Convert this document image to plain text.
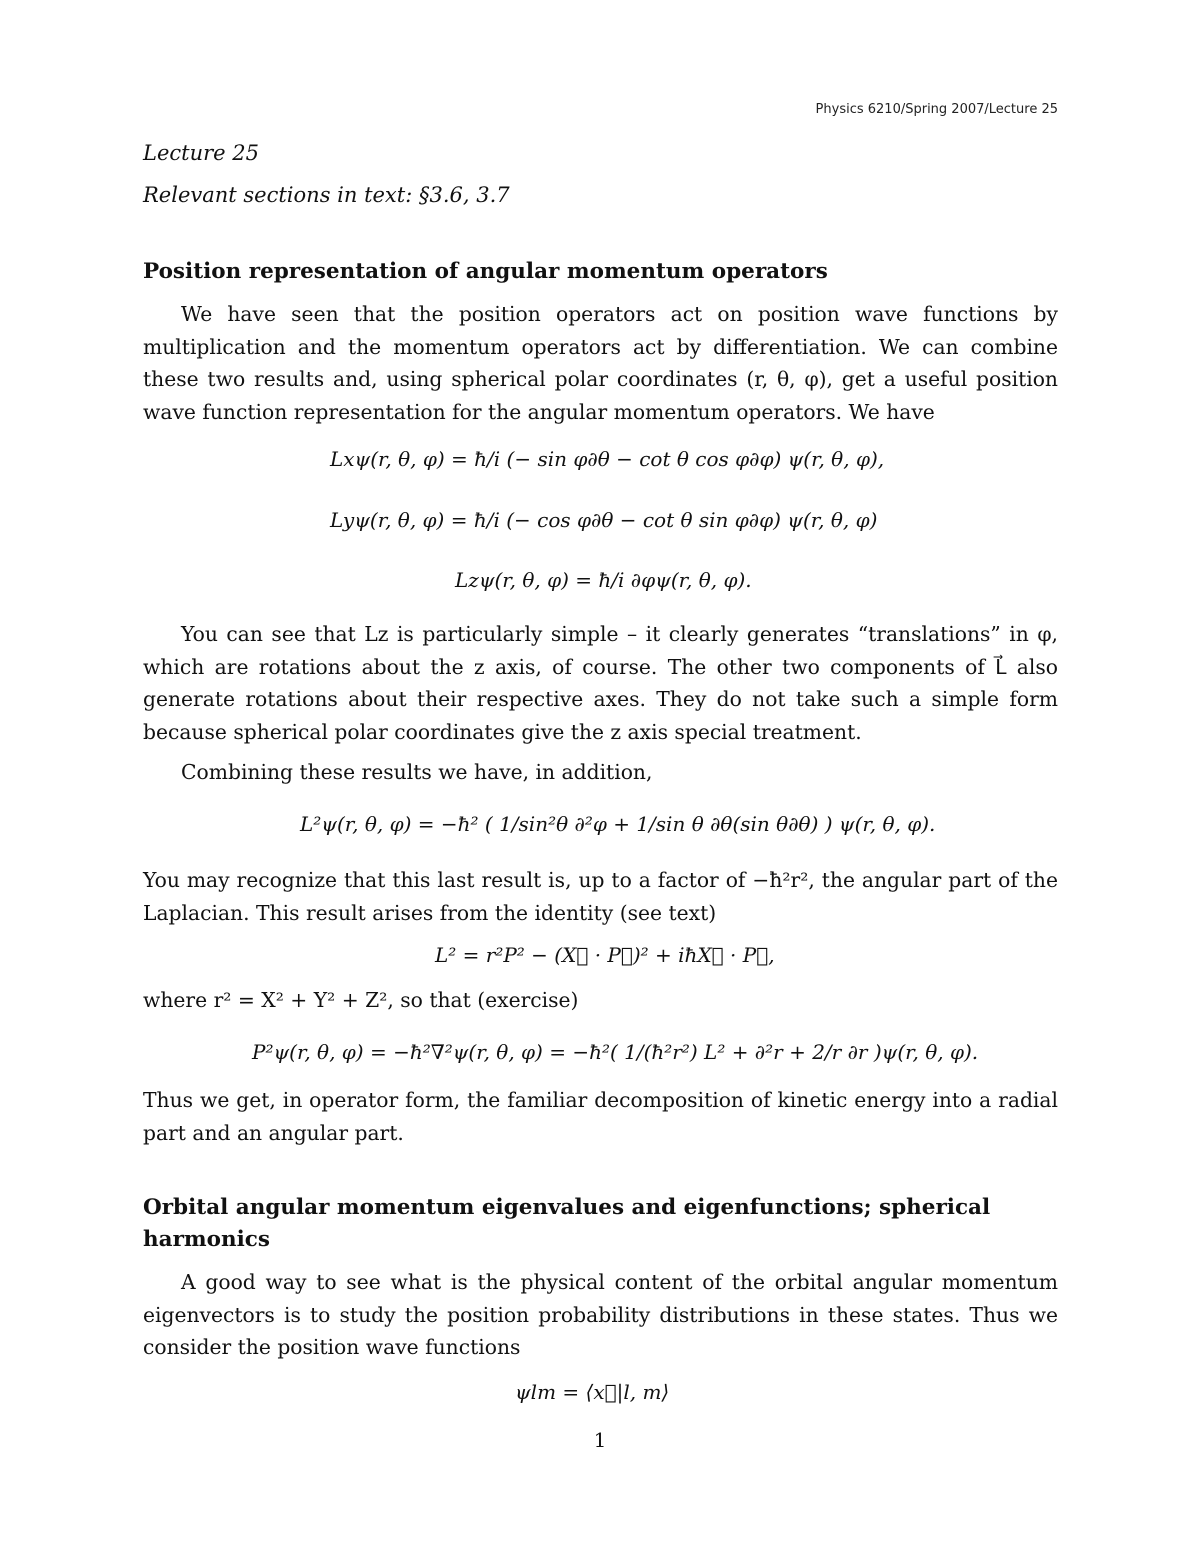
Physics 6210/Spring 2007/Lecture 25
Lecture 25
Relevant sections in text: §3.6, 3.7
Position representation of angular momentum operators
We have seen that the position operators act on position wave functions by multiplication and the momentum operators act by differentiation. We can combine these two results and, using spherical polar coordinates (r, θ, φ), get a useful position wave function representation for the angular momentum operators. We have
Lxψ(r, θ, φ) = ħ/i (− sin φ∂θ − cot θ cos φ∂φ) ψ(r, θ, φ),
Lyψ(r, θ, φ) = ħ/i (− cos φ∂θ − cot θ sin φ∂φ) ψ(r, θ, φ)
Lzψ(r, θ, φ) = ħ/i ∂φψ(r, θ, φ).
You can see that Lz is particularly simple – it clearly generates “translations” in φ, which are rotations about the z axis, of course. The other two components of L⃗ also generate rotations about their respective axes. They do not take such a simple form because spherical polar coordinates give the z axis special treatment.
Combining these results we have, in addition,
L²ψ(r, θ, φ) = −ħ² ( 1/sin²θ ∂²φ + 1/sin θ ∂θ(sin θ∂θ) ) ψ(r, θ, φ).
You may recognize that this last result is, up to a factor of −ħ²r², the angular part of the Laplacian. This result arises from the identity (see text)
L² = r²P² − (X⃗ · P⃗)² + iħX⃗ · P⃗,
where r² = X² + Y² + Z², so that (exercise)
P²ψ(r, θ, φ) = −ħ²∇²ψ(r, θ, φ) = −ħ²( 1/(ħ²r²) L² + ∂²r + 2/r ∂r )ψ(r, θ, φ).
Thus we get, in operator form, the familiar decomposition of kinetic energy into a radial part and an angular part.
Orbital angular momentum eigenvalues and eigenfunctions; spherical harmonics
A good way to see what is the physical content of the orbital angular momentum eigenvectors is to study the position probability distributions in these states. Thus we consider the position wave functions
ψlm = ⟨x⃗|l, m⟩
1
